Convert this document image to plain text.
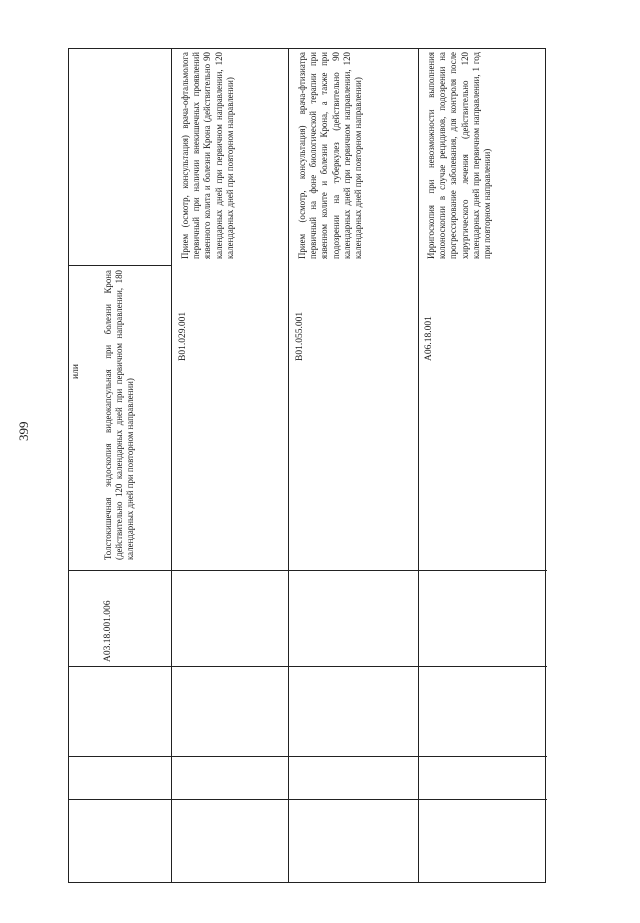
399
или	Толстокишечная эндоскопия видеокапсульная при болезни Крона (действительно 120 календарных дней при первичном направлении, 180 календарных дней при повторном направлении)
A03.18.001.006
B01.029.001
Прием (осмотр, консультация) врача-офтальмолога первичный при наличии внекишечных проявлений язвенного колита и болезни Крона (действительно 90 календарных дней при первичном направлении, 120 календарных дней при повторном направлении)
B01.055.001
Прием (осмотр, консультация) врача-фтизиатра первичный на фоне биологической терапии при язвенном колите и болезни Крона, а также при подозрении на туберкулез (действительно 90 календарных дней при первичном направлении, 120 календарных дней при повторном направлении)
A06.18.001
Ирригоскопия при невозможности выполнения колоноскопии в случае рецидивов, подозрении на прогрессирование заболевания, для контроля после хирургического лечения (действительно 120 календарных дней при первичном направлении, 1 год при повторном направлении)
